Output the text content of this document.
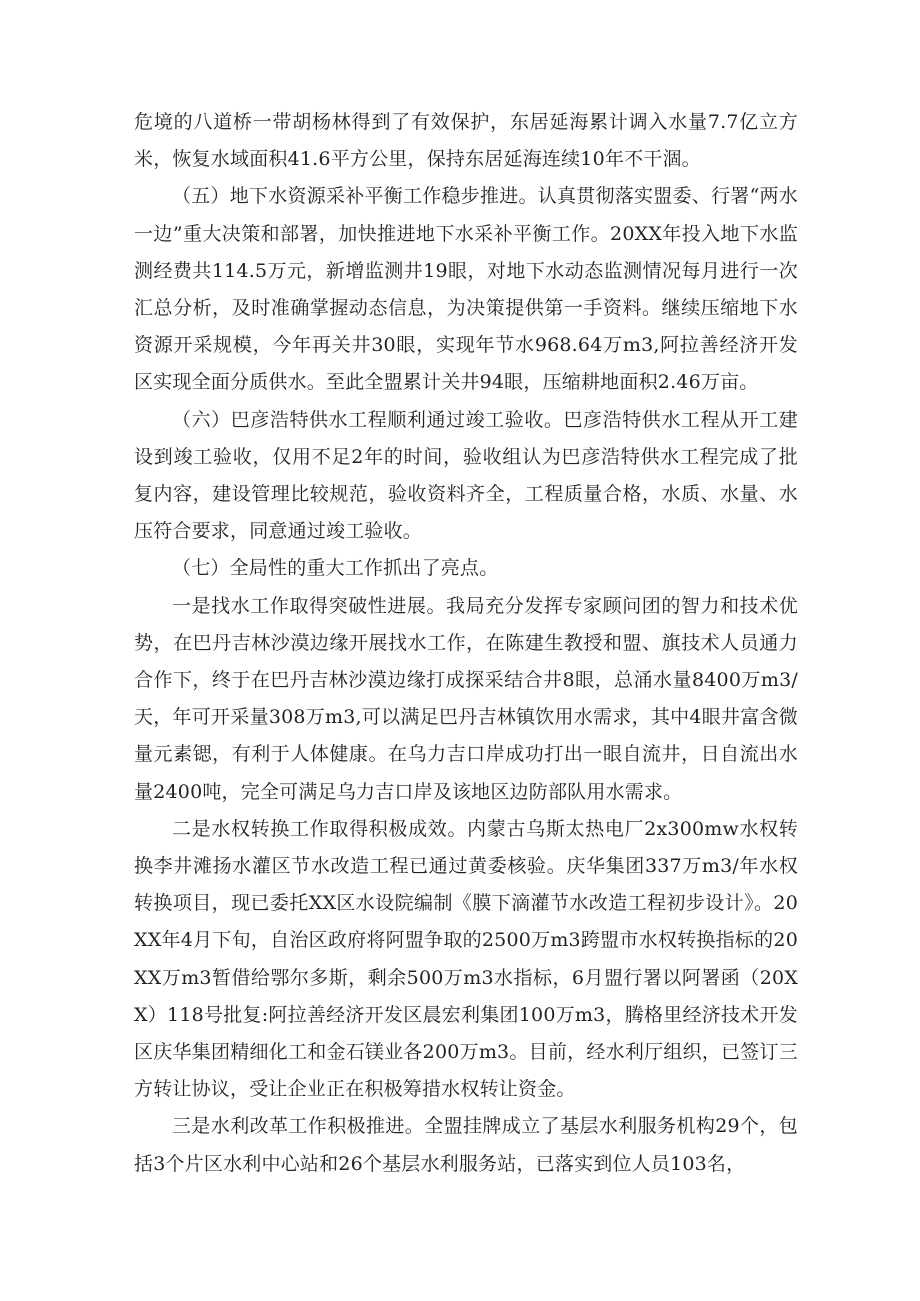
危境的八道桥一带胡杨林得到了有效保护，东居延海累计调入水量7.7亿立方米，恢复水域面积41.6平方公里，保持东居延海连续10年不干涸。

（五）地下水资源采补平衡工作稳步推进。认真贯彻落实盟委、行署“两水一边”重大决策和部署，加快推进地下水采补平衡工作。20XX年投入地下水监测经费共114.5万元，新增监测井19眼，对地下水动态监测情况每月进行一次汇总分析，及时准确掌握动态信息，为决策提供第一手资料。继续压缩地下水资源开采规模，今年再关井30眼，实现年节水968.64万m3,阿拉善经济开发区实现全面分质供水。至此全盟累计关井94眼，压缩耕地面积2.46万亩。

（六）巴彦浩特供水工程顺利通过竣工验收。巴彦浩特供水工程从开工建设到竣工验收，仅用不足2年的时间，验收组认为巴彦浩特供水工程完成了批复内容，建设管理比较规范，验收资料齐全，工程质量合格，水质、水量、水压符合要求，同意通过竣工验收。

（七）全局性的重大工作抓出了亮点。

一是找水工作取得突破性进展。我局充分发挥专家顾问团的智力和技术优势，在巴丹吉林沙漠边缘开展找水工作，在陈建生教授和盟、旗技术人员通力合作下，终于在巴丹吉林沙漠边缘打成探采结合井8眼，总涌水量8400万m3/天，年可开采量308万m3,可以满足巴丹吉林镇饮用水需求，其中4眼井富含微量元素锶，有利于人体健康。在乌力吉口岸成功打出一眼自流井，日自流出水量2400吨，完全可满足乌力吉口岸及该地区边防部队用水需求。

二是水权转换工作取得积极成效。内蒙古乌斯太热电厂2x300mw水权转换李井滩扬水灌区节水改造工程已通过黄委核验。庆华集团337万m3/年水权转换项目，现已委托XX区水设院编制《膜下滴灌节水改造工程初步设计》。20XX年4月下旬，自治区政府将阿盟争取的2500万m3跨盟市水权转换指标的20XX万m3暂借给鄂尔多斯，剩余500万m3水指标，6月盟行署以阿署函（20XX）118号批复:阿拉善经济开发区晨宏利集团100万m3，腾格里经济技术开发区庆华集团精细化工和金石镁业各200万m3。目前，经水利厅组织，已签订三方转让协议，受让企业正在积极筹措水权转让资金。

三是水利改革工作积极推进。全盟挂牌成立了基层水利服务机构29个，包括3个片区水利中心站和26个基层水利服务站，已落实到位人员103名，
